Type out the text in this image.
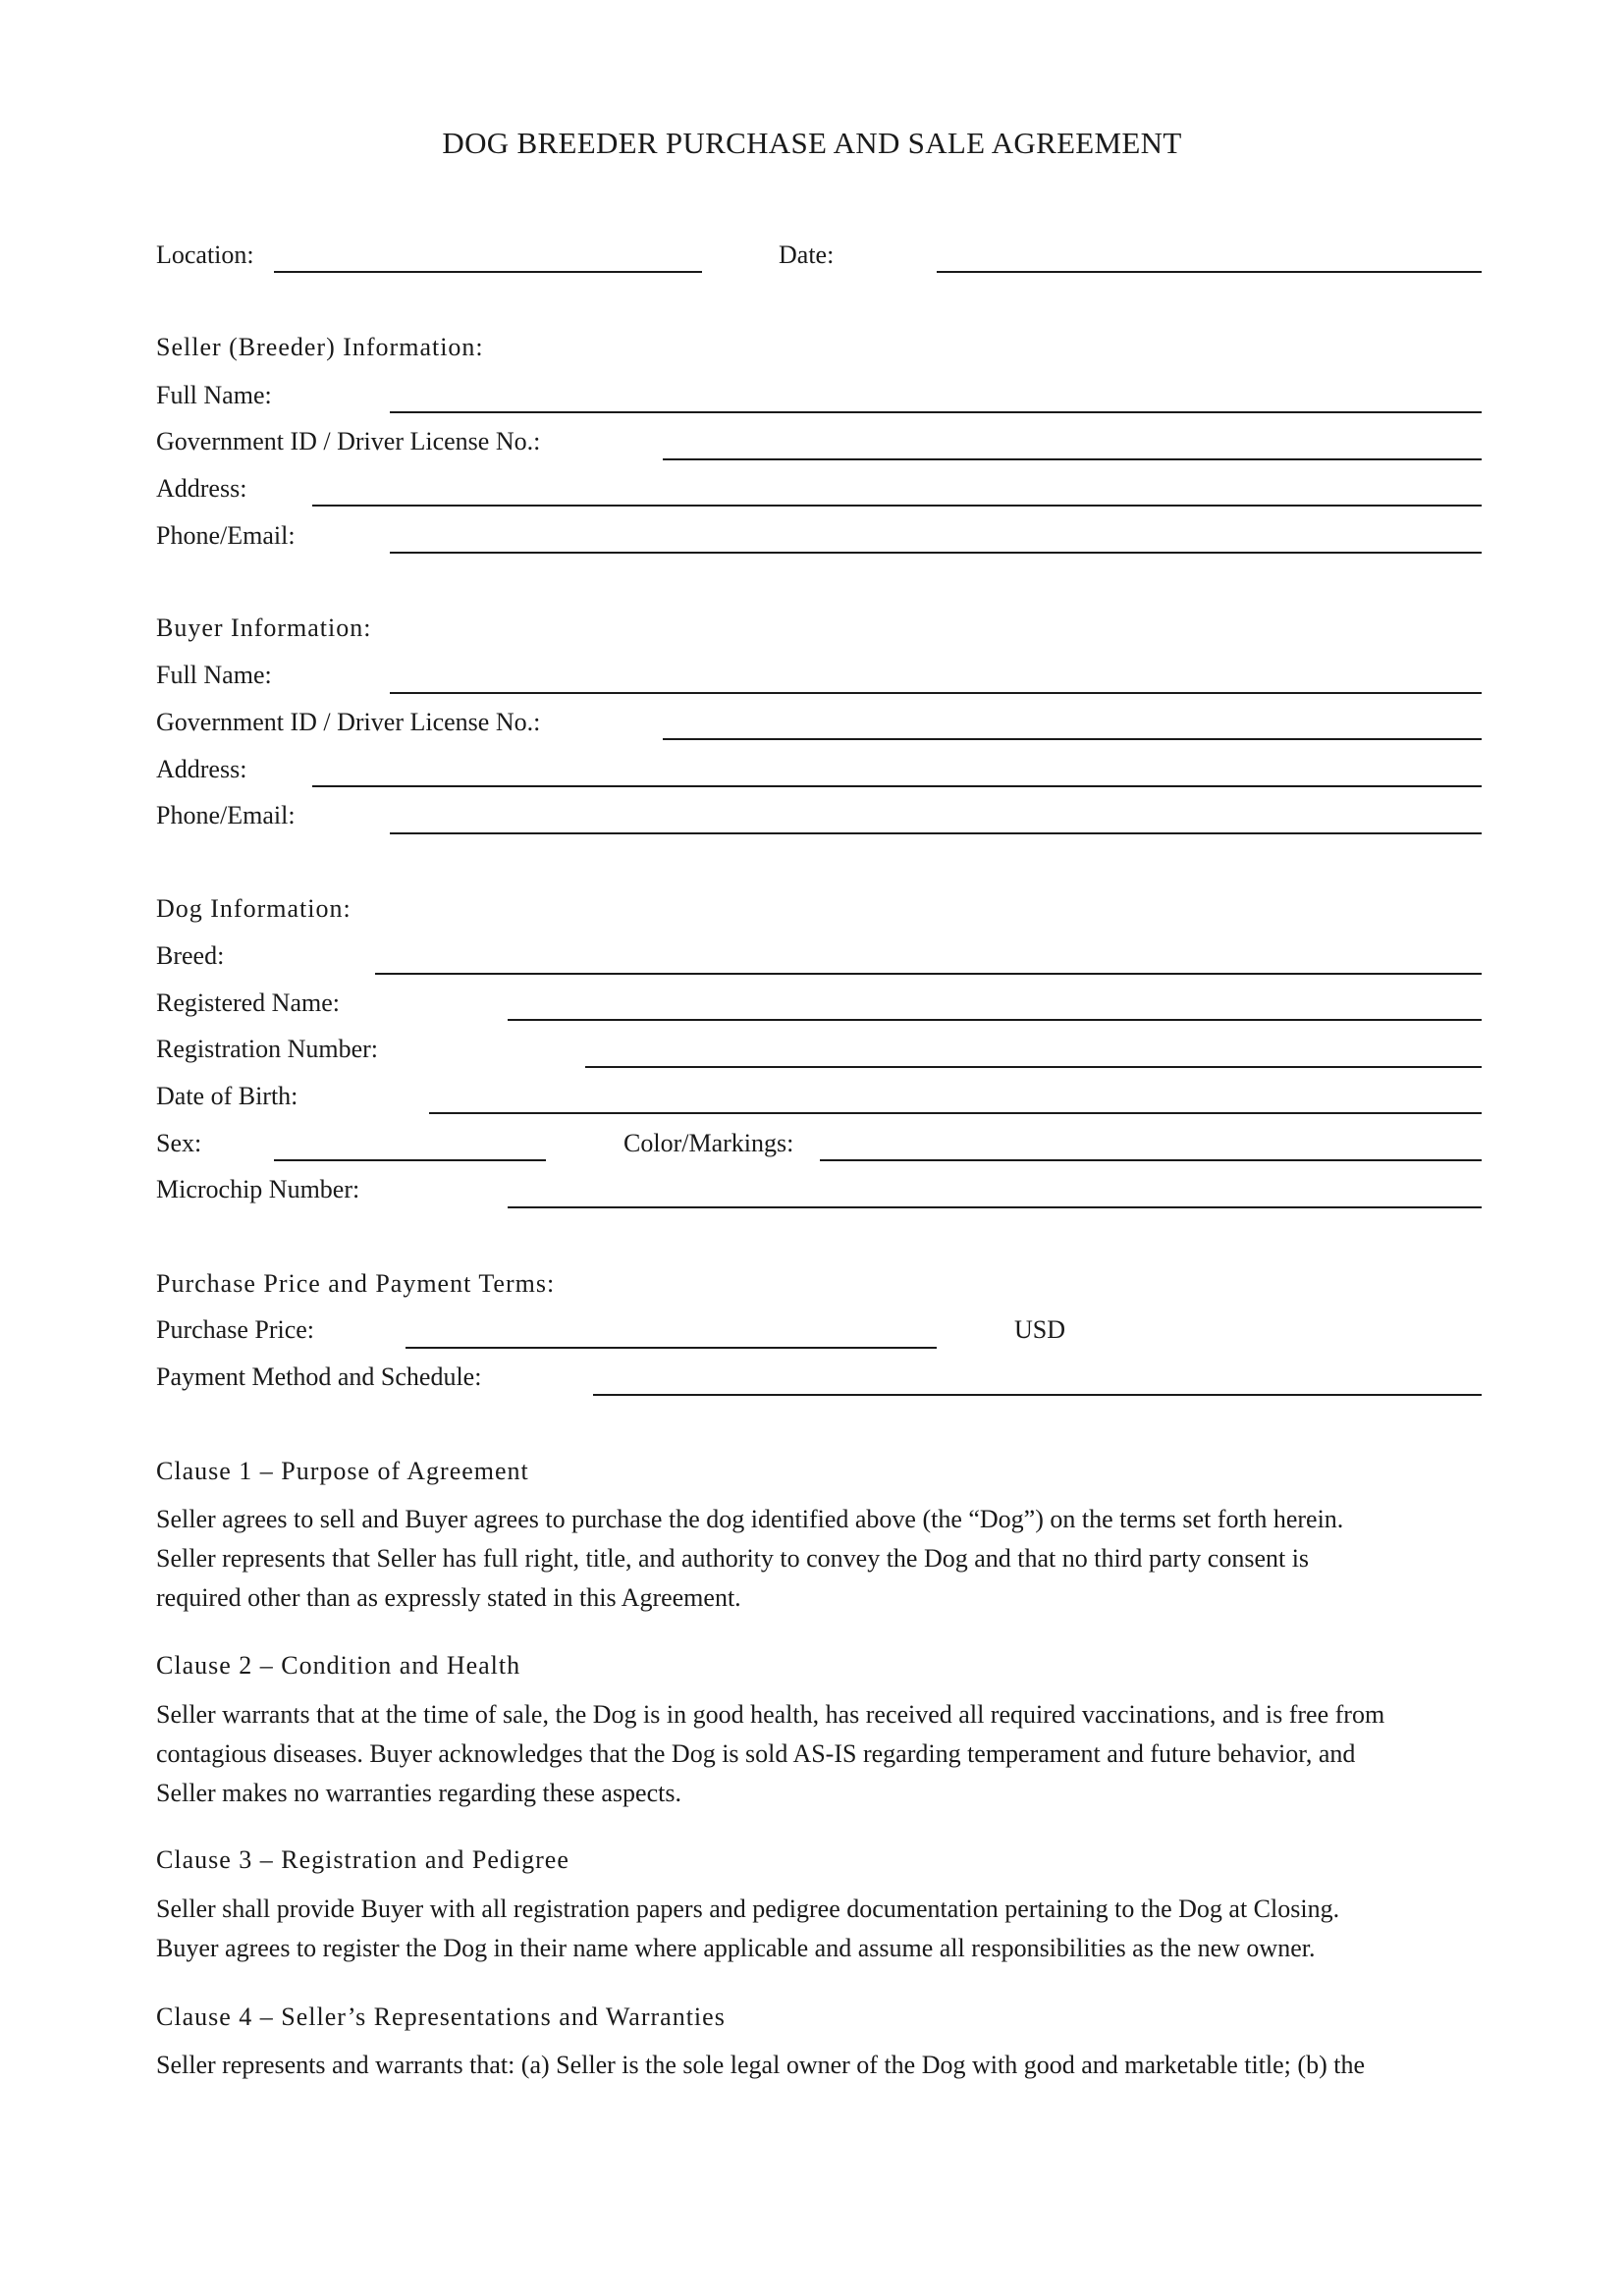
DOG BREEDER PURCHASE AND SALE AGREEMENT
Location:	Date:
Seller (Breeder) Information:
Full Name:
Government ID / Driver License No.:
Address:
Phone/Email:
Buyer Information:
Full Name:
Government ID / Driver License No.:
Address:
Phone/Email:
Dog Information:
Breed:
Registered Name:
Registration Number:
Date of Birth:
Sex:	Color/Markings:
Microchip Number:
Purchase Price and Payment Terms:
Purchase Price:	USD
Payment Method and Schedule:
Clause 1 – Purpose of Agreement
Seller agrees to sell and Buyer agrees to purchase the dog identified above (the “Dog”) on the terms set forth herein.
Seller represents that Seller has full right, title, and authority to convey the Dog and that no third party consent is
required other than as expressly stated in this Agreement.
Clause 2 – Condition and Health
Seller warrants that at the time of sale, the Dog is in good health, has received all required vaccinations, and is free from
contagious diseases. Buyer acknowledges that the Dog is sold AS-IS regarding temperament and future behavior, and
Seller makes no warranties regarding these aspects.
Clause 3 – Registration and Pedigree
Seller shall provide Buyer with all registration papers and pedigree documentation pertaining to the Dog at Closing.
Buyer agrees to register the Dog in their name where applicable and assume all responsibilities as the new owner.
Clause 4 – Seller’s Representations and Warranties
Seller represents and warrants that: (a) Seller is the sole legal owner of the Dog with good and marketable title; (b) the
